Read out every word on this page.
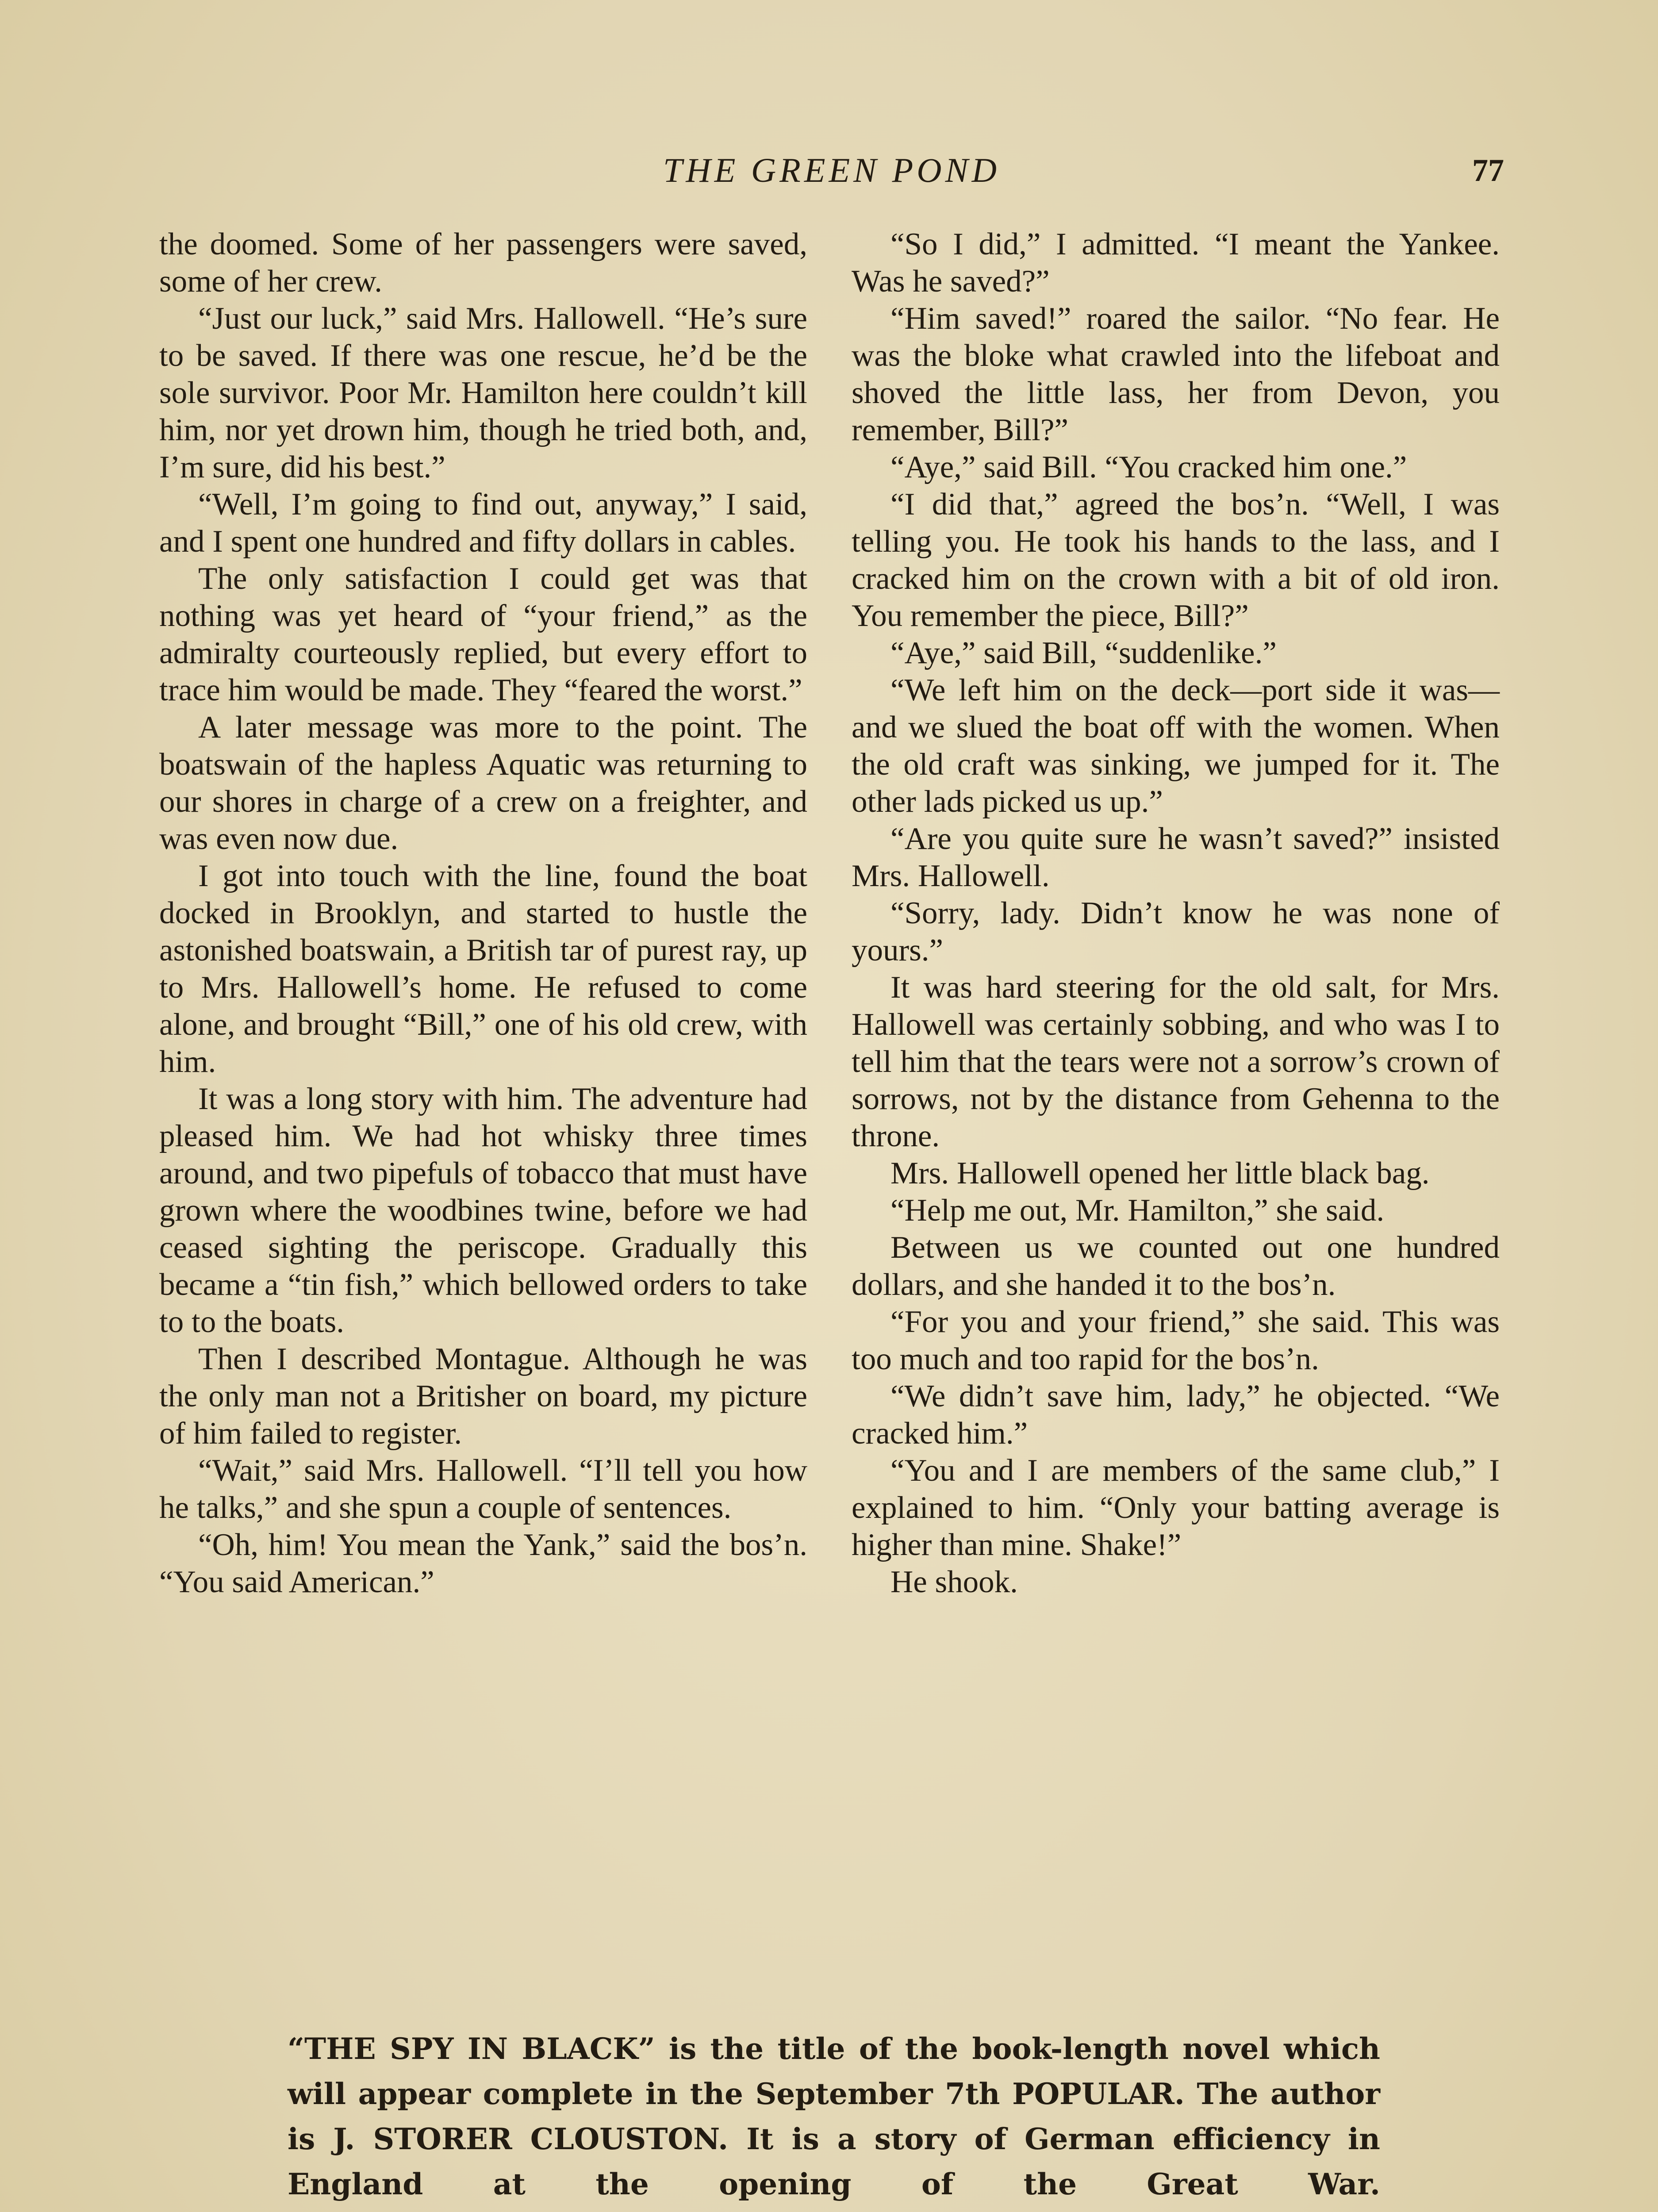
THE GREEN POND	77

the doomed. Some of her passengers were saved, some of her crew.

“Just our luck,” said Mrs. Hallowell. “He’s sure to be saved. If there was one rescue, he’d be the sole survivor. Poor Mr. Hamilton here couldn’t kill him, nor yet drown him, though he tried both, and, I’m sure, did his best.”

“Well, I’m going to find out, anyway,” I said, and I spent one hundred and fifty dollars in cables.

The only satisfaction I could get was that nothing was yet heard of “your friend,” as the admiralty courteously replied, but every effort to trace him would be made. They “feared the worst.”

A later message was more to the point. The boatswain of the hapless Aquatic was returning to our shores in charge of a crew on a freighter, and was even now due.

I got into touch with the line, found the boat docked in Brooklyn, and started to hustle the astonished boatswain, a British tar of purest ray, up to Mrs. Hallowell’s home. He refused to come alone, and brought “Bill,” one of his old crew, with him.

It was a long story with him. The adventure had pleased him. We had hot whisky three times around, and two pipefuls of tobacco that must have grown where the woodbines twine, before we had ceased sighting the periscope. Gradually this became a “tin fish,” which bellowed orders to take to to the boats.

Then I described Montague. Although he was the only man not a Britisher on board, my picture of him failed to register.

“Wait,” said Mrs. Hallowell. “I’ll tell you how he talks,” and she spun a couple of sentences.

“Oh, him! You mean the Yank,” said the bos’n. “You said American.”

“So I did,” I admitted. “I meant the Yankee. Was he saved?”

“Him saved!” roared the sailor. “No fear. He was the bloke what crawled into the lifeboat and shoved the little lass, her from Devon, you remember, Bill?”

“Aye,” said Bill. “You cracked him one.”

“I did that,” agreed the bos’n. “Well, I was telling you. He took his hands to the lass, and I cracked him on the crown with a bit of old iron. You remember the piece, Bill?”

“Aye,” said Bill, “suddenlike.”

“We left him on the deck—port side it was—and we slued the boat off with the women. When the old craft was sinking, we jumped for it. The other lads picked us up.”

“Are you quite sure he wasn’t saved?” insisted Mrs. Hallowell.

“Sorry, lady. Didn’t know he was none of yours.”

It was hard steering for the old salt, for Mrs. Hallowell was certainly sobbing, and who was I to tell him that the tears were not a sorrow’s crown of sorrows, not by the distance from Gehenna to the throne.

Mrs. Hallowell opened her little black bag.

“Help me out, Mr. Hamilton,” she said.

Between us we counted out one hundred dollars, and she handed it to the bos’n.

“For you and your friend,” she said. This was too much and too rapid for the bos’n.

“We didn’t save him, lady,” he objected. “We cracked him.”

“You and I are members of the same club,” I explained to him. “Only your batting average is higher than mine. Shake!”

He shook.

“THE SPY IN BLACK” is the title of the book-length novel which will appear complete in the September 7th POPULAR. The author is J. STORER CLOUSTON. It is a story of German efficiency in England at the opening of the Great War.
